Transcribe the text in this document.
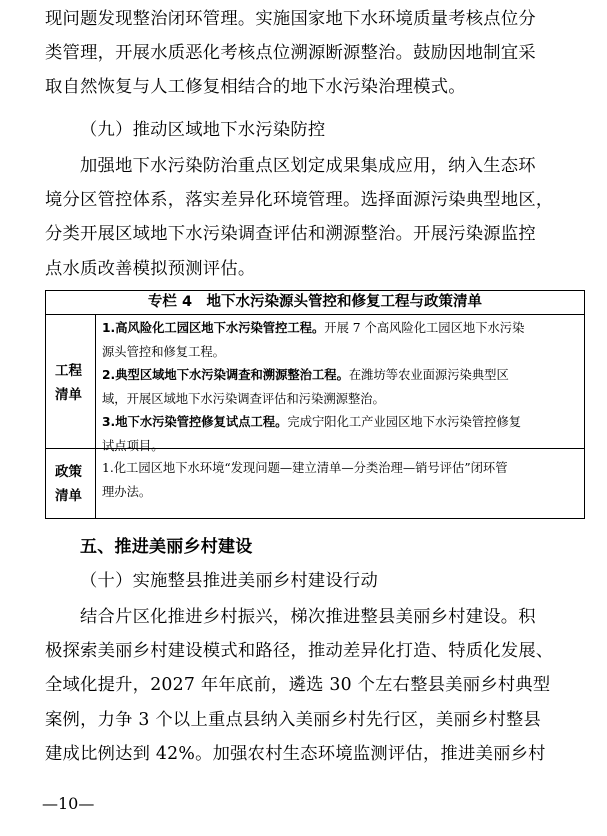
现问题发现整治闭环管理。实施国家地下水环境质量考核点位分
类管理，开展水质恶化考核点位溯源断源整治。鼓励因地制宜采
取自然恢复与人工修复相结合的地下水污染治理模式。
（九）推动区域地下水污染防控
加强地下水污染防治重点区划定成果集成应用，纳入生态环
境分区管控体系，落实差异化环境管理。选择面源污染典型地区，
分类开展区域地下水污染调查评估和溯源整治。开展污染源监控
点水质改善模拟预测评估。
专栏 4　地下水污染源头管控和修复工程与政策清单
工程
清单
1.高风险化工园区地下水污染管控工程。开展 7 个高风险化工园区地下水污染
源头管控和修复工程。
2.典型区域地下水污染调查和溯源整治工程。在潍坊等农业面源污染典型区
域，开展区域地下水污染调查评估和污染溯源整治。
3.地下水污染管控修复试点工程。完成宁阳化工产业园区地下水污染管控修复
试点项目。
政策
清单
1.化工园区地下水环境“发现问题—建立清单—分类治理—销号评估”闭环管
理办法。
五、推进美丽乡村建设
（十）实施整县推进美丽乡村建设行动
结合片区化推进乡村振兴，梯次推进整县美丽乡村建设。积
极探索美丽乡村建设模式和路径，推动差异化打造、特质化发展、
全域化提升，2027 年年底前，遴选 30 个左右整县美丽乡村典型
案例，力争 3 个以上重点县纳入美丽乡村先行区，美丽乡村整县
建成比例达到 42%。加强农村生态环境监测评估，推进美丽乡村
—10—
